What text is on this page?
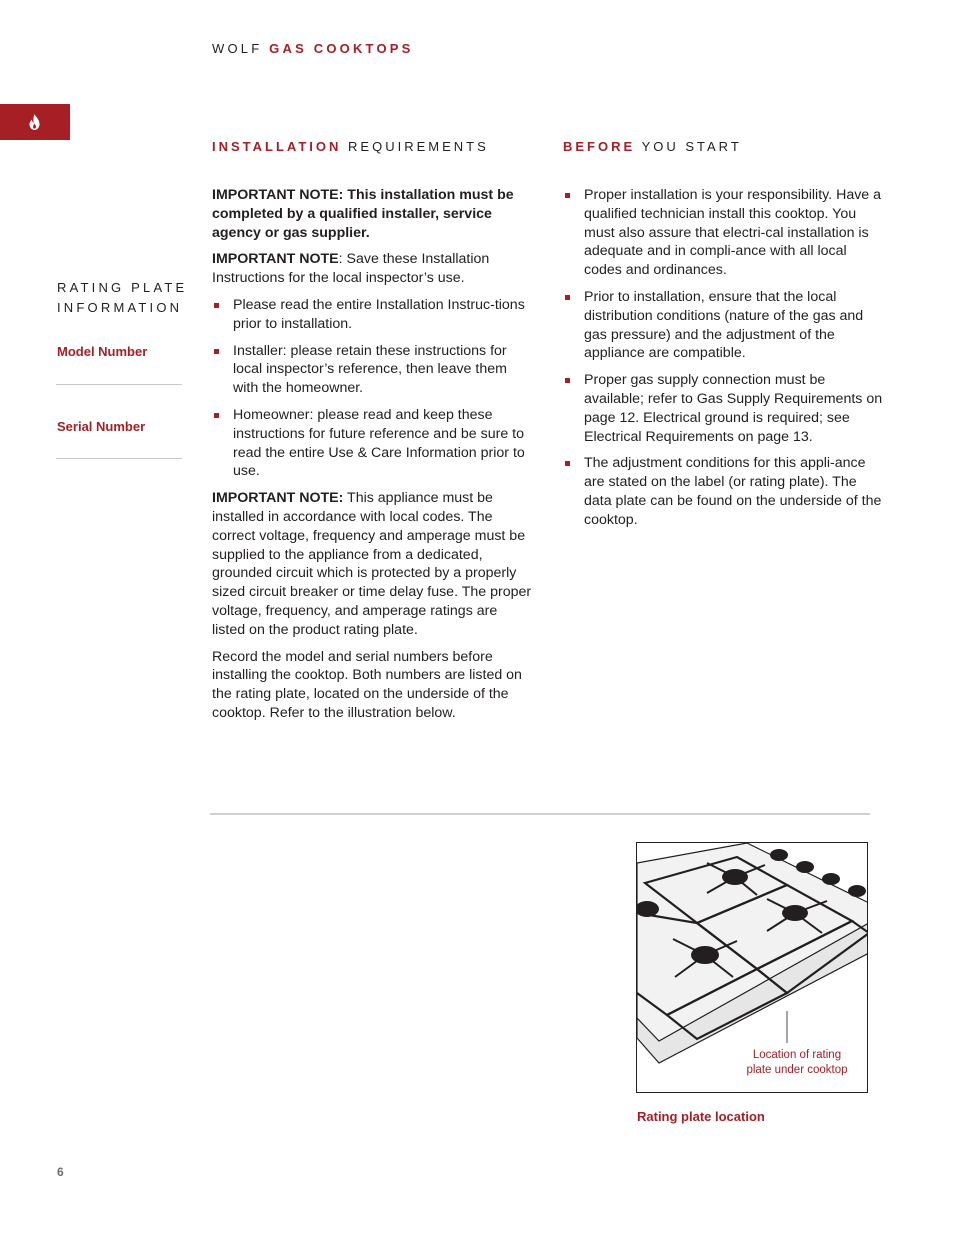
WOLF GAS COOKTOPS
RATING PLATE
INFORMATION
Model Number
Serial Number
INSTALLATION REQUIREMENTS	BEFORE YOU START

IMPORTANT NOTE: This installation must be completed by a qualified installer, service agency or gas supplier.

IMPORTANT NOTE: Save these Installation Instructions for the local inspector’s use.

Please read the entire Installation Instruc-tions prior to installation.
Installer: please retain these instructions for local inspector’s reference, then leave them with the homeowner.
Homeowner: please read and keep these instructions for future reference and be sure to read the entire Use & Care Information prior to use.

IMPORTANT NOTE: This appliance must be installed in accordance with local codes. The correct voltage, frequency and amperage must be supplied to the appliance from a dedicated, grounded circuit which is protected by a properly sized circuit breaker or time delay fuse. The proper voltage, frequency, and amperage ratings are listed on the product rating plate.

Record the model and serial numbers before installing the cooktop. Both numbers are listed on the rating plate, located on the underside of the cooktop. Refer to the illustration below.

Proper installation is your responsibility. Have a qualified technician install this cooktop. You must also assure that electri-cal installation is adequate and in compli-ance with all local codes and ordinances.
Prior to installation, ensure that the local distribution conditions (nature of the gas and gas pressure) and the adjustment of the appliance are compatible.
Proper gas supply connection must be available; refer to Gas Supply Requirements on page 12. Electrical ground is required; see Electrical Requirements on page 13.
The adjustment conditions for this appli-ance are stated on the label (or rating plate). The data plate can be found on the underside of the cooktop.
Location of rating
plate under cooktop
Rating plate location
6
